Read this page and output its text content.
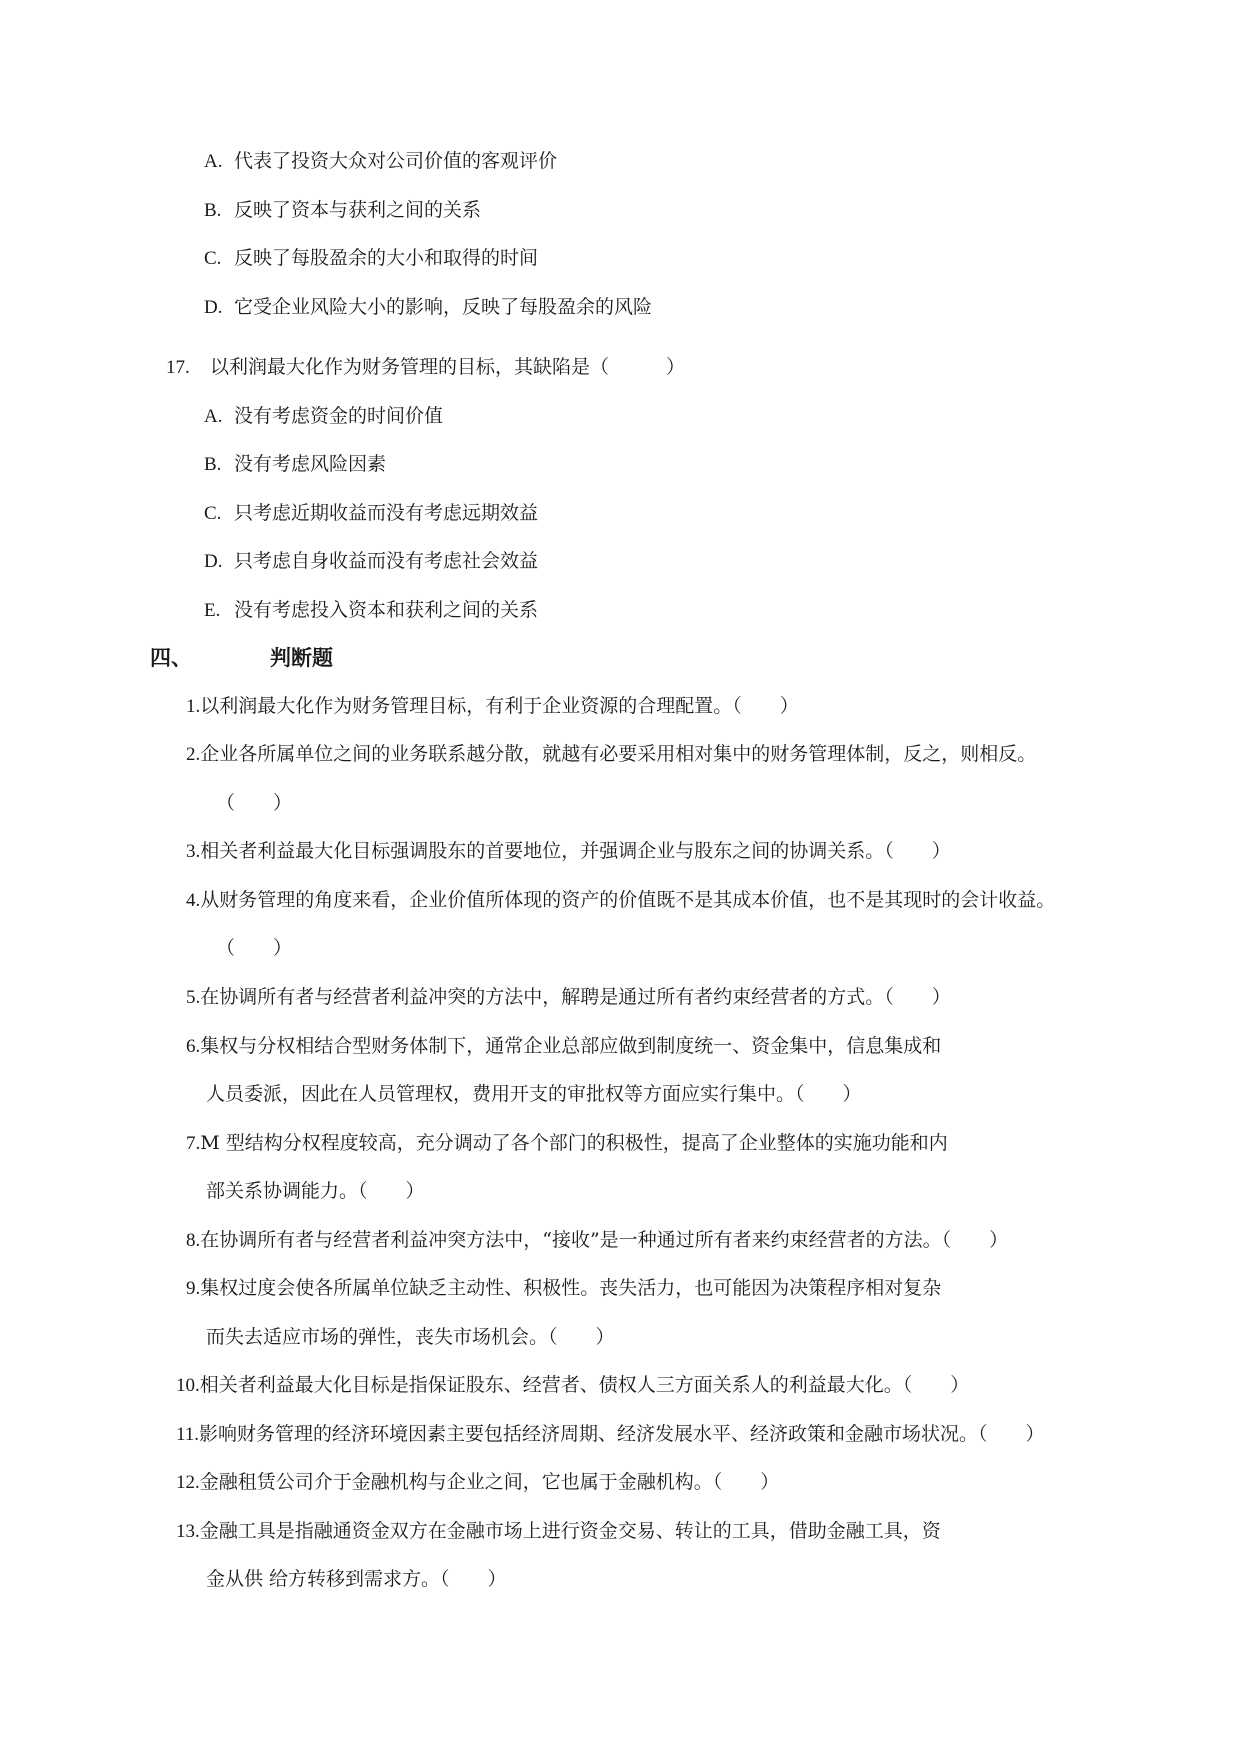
A. 代表了投资大众对公司价值的客观评价
B. 反映了资本与获利之间的关系
C. 反映了每股盈余的大小和取得的时间
D. 它受企业风险大小的影响，反映了每股盈余的风险
17. 以利润最大化作为财务管理的目标，其缺陷是（　　　）
A. 没有考虑资金的时间价值
B. 没有考虑风险因素
C. 只考虑近期收益而没有考虑远期效益
D. 只考虑自身收益而没有考虑社会效益
E. 没有考虑投入资本和获利之间的关系
四、	判断题
1.以利润最大化作为财务管理目标，有利于企业资源的合理配置。（　　）
2.企业各所属单位之间的业务联系越分散，就越有必要采用相对集中的财务管理体制，反之，则相反。
（　　）
3.相关者利益最大化目标强调股东的首要地位，并强调企业与股东之间的协调关系。（　　）
4.从财务管理的角度来看，企业价值所体现的资产的价值既不是其成本价值，也不是其现时的会计收益。
（　　）
5.在协调所有者与经营者利益冲突的方法中，解聘是通过所有者约束经营者的方式。（　　）
6.集权与分权相结合型财务体制下，通常企业总部应做到制度统一、资金集中，信息集成和
人员委派，因此在人员管理权，费用开支的审批权等方面应实行集中。（　　）
7.M 型结构分权程度较高，充分调动了各个部门的积极性，提高了企业整体的实施功能和内
部关系协调能力。（　　）
8.在协调所有者与经营者利益冲突方法中，“接收”是一种通过所有者来约束经营者的方法。（　　）
9.集权过度会使各所属单位缺乏主动性、积极性。丧失活力，也可能因为决策程序相对复杂
而失去适应市场的弹性，丧失市场机会。（　　）
10.相关者利益最大化目标是指保证股东、经营者、债权人三方面关系人的利益最大化。（　　）
11.影响财务管理的经济环境因素主要包括经济周期、经济发展水平、经济政策和金融市场状况。（　　）
12.金融租赁公司介于金融机构与企业之间，它也属于金融机构。（　　）
13.金融工具是指融通资金双方在金融市场上进行资金交易、转让的工具，借助金融工具，资
金从供 给方转移到需求方。（　　）
